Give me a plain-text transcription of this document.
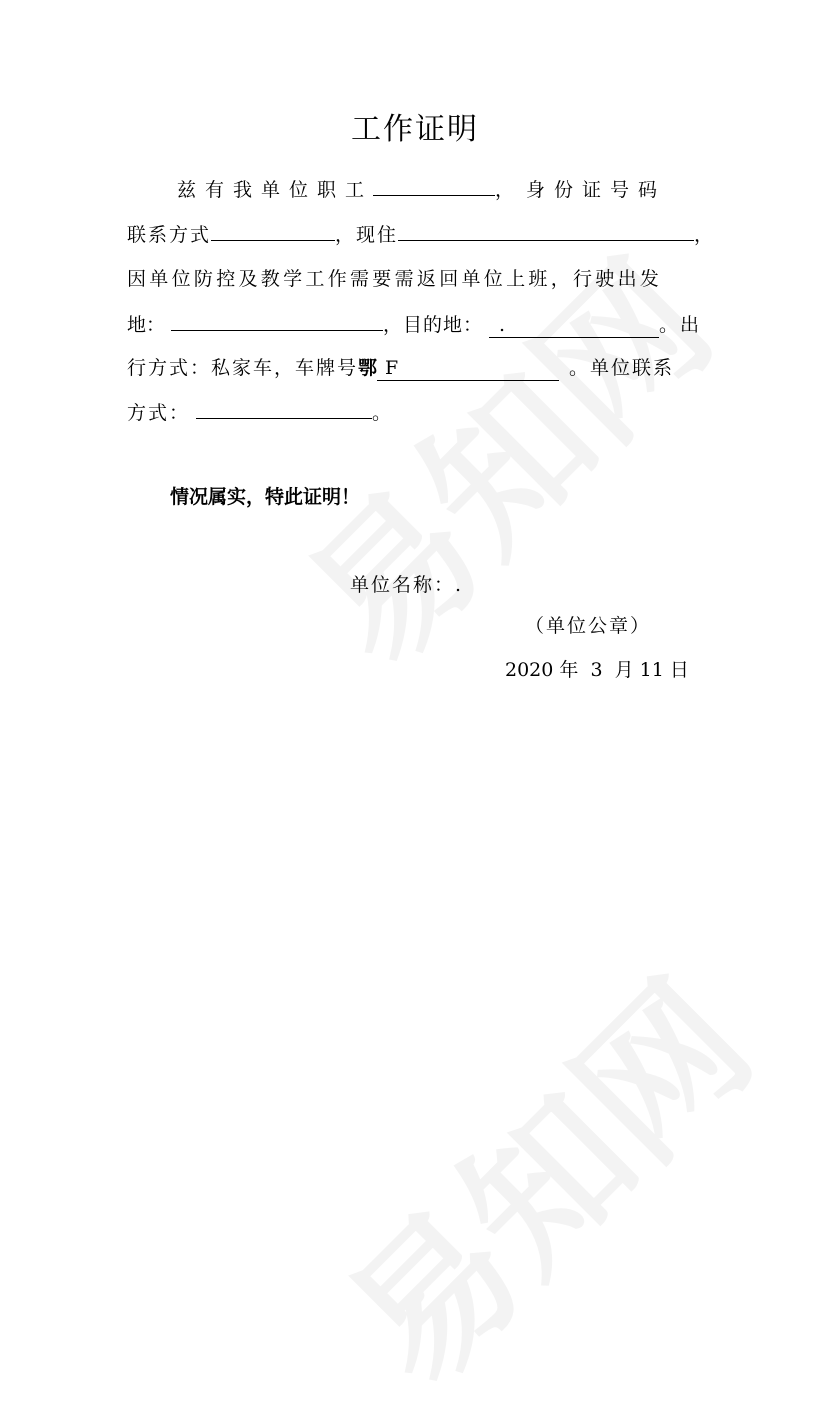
工作证明
兹有我单位职工	， 身份证号码
联系方式	，现住	，
因单位防控及教学工作需要需返回单位上班，行驶出发
地：	，目的地： .	。出
行方式：私家车，车牌号鄂 F	。单位联系
方式：	。
情况属实，特此证明！
单位名称：.
（单位公章）
2020 年  3  月 11 日
